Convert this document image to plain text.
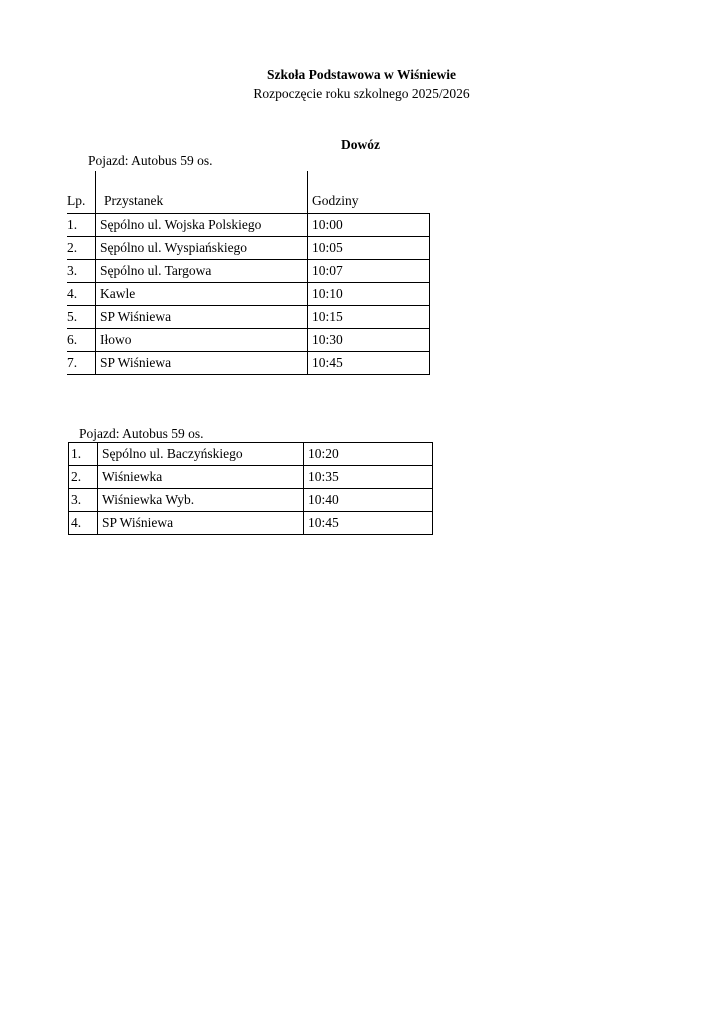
Szkoła Podstawowa w Wiśniewie
Rozpoczęcie roku szkolnego 2025/2026
Dowóz
Pojazd: Autobus 59 os.
Lp.	Przystanek	Godziny
1.	Sępólno ul. Wojska Polskiego	10:00
2.	Sępólno ul. Wyspiańskiego	10:05
3.	Sępólno ul. Targowa	10:07
4.	Kawle	10:10
5.	SP Wiśniewa	10:15
6.	Iłowo	10:30
7.	SP Wiśniewa	10:45
Pojazd: Autobus 59 os.
1.	Sępólno ul. Baczyńskiego	10:20
2.	Wiśniewka	10:35
3.	Wiśniewka Wyb.	10:40
4.	SP Wiśniewa	10:45
